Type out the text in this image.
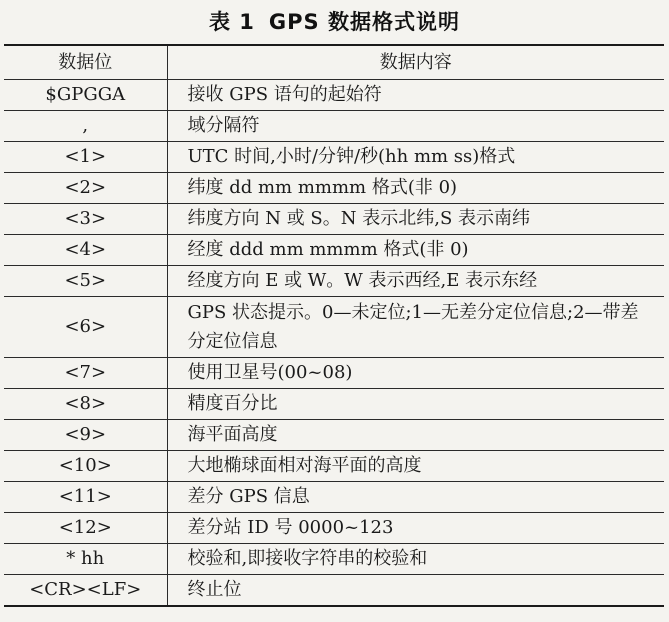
表 1 GPS 数据格式说明
数据位	数据内容
$GPGGA	接收 GPS 语句的起始符
,	域分隔符
<1>	UTC 时间,小时/分钟/秒(hh mm ss)格式
<2>	纬度 dd mm mmmm 格式(非 0)
<3>	纬度方向 N 或 S。N 表示北纬,S 表示南纬
<4>	经度 ddd mm mmmm 格式(非 0)
<5>	经度方向 E 或 W。W 表示西经,E 表示东经
<6>	GPS 状态提示。0—未定位;1—无差分定位信息;2—带差分定位信息
<7>	使用卫星号(00~08)
<8>	精度百分比
<9>	海平面高度
<10>	大地椭球面相对海平面的高度
<11>	差分 GPS 信息
<12>	差分站 ID 号 0000~123
* hh	校验和,即接收字符串的校验和
<CR><LF>	终止位
